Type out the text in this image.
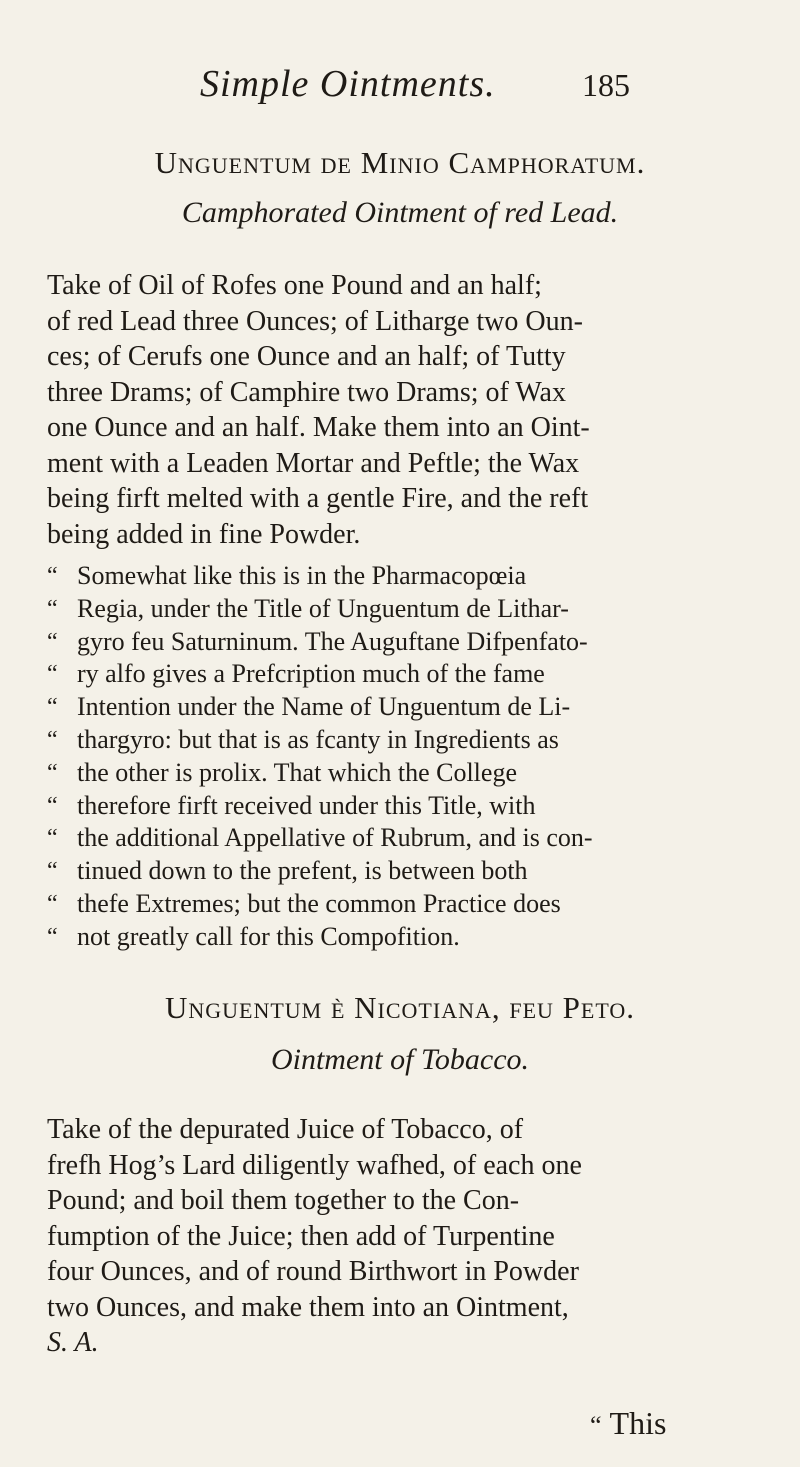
Simple Ointments.	185
Unguentum de Minio Camphoratum.
Camphorated Ointment of red Lead.
Take of Oil of Rofes one Pound and an half;
of red Lead three Ounces; of Litharge two Oun-
ces; of Cerufs one Ounce and an half; of Tutty
three Drams; of Camphire two Drams; of Wax
one Ounce and an half. Make them into an Oint-
ment with a Leaden Mortar and Peftle; the Wax
being firft melted with a gentle Fire, and the reft
being added in fine Powder.
“ Somewhat like this is in the Pharmacopœia
“ Regia, under the Title of Unguentum de Lithar-
“ gyro feu Saturninum. The Auguftane Difpenfato-
“ ry alfo gives a Prefcription much of the fame
“ Intention under the Name of Unguentum de Li-
“ thargyro: but that is as fcanty in Ingredients as
“ the other is prolix. That which the College
“ therefore firft received under this Title, with
“ the additional Appellative of Rubrum, and is con-
“ tinued down to the prefent, is between both
“ thefe Extremes; but the common Practice does
“ not greatly call for this Compofition.
Unguentum è Nicotiana, feu Peto.
Ointment of Tobacco.
Take of the depurated Juice of Tobacco, of
frefh Hog’s Lard diligently wafhed, of each one
Pound; and boil them together to the Con-
fumption of the Juice; then add of Turpentine
four Ounces, and of round Birthwort in Powder
two Ounces, and make them into an Ointment,
S. A.
“ This
